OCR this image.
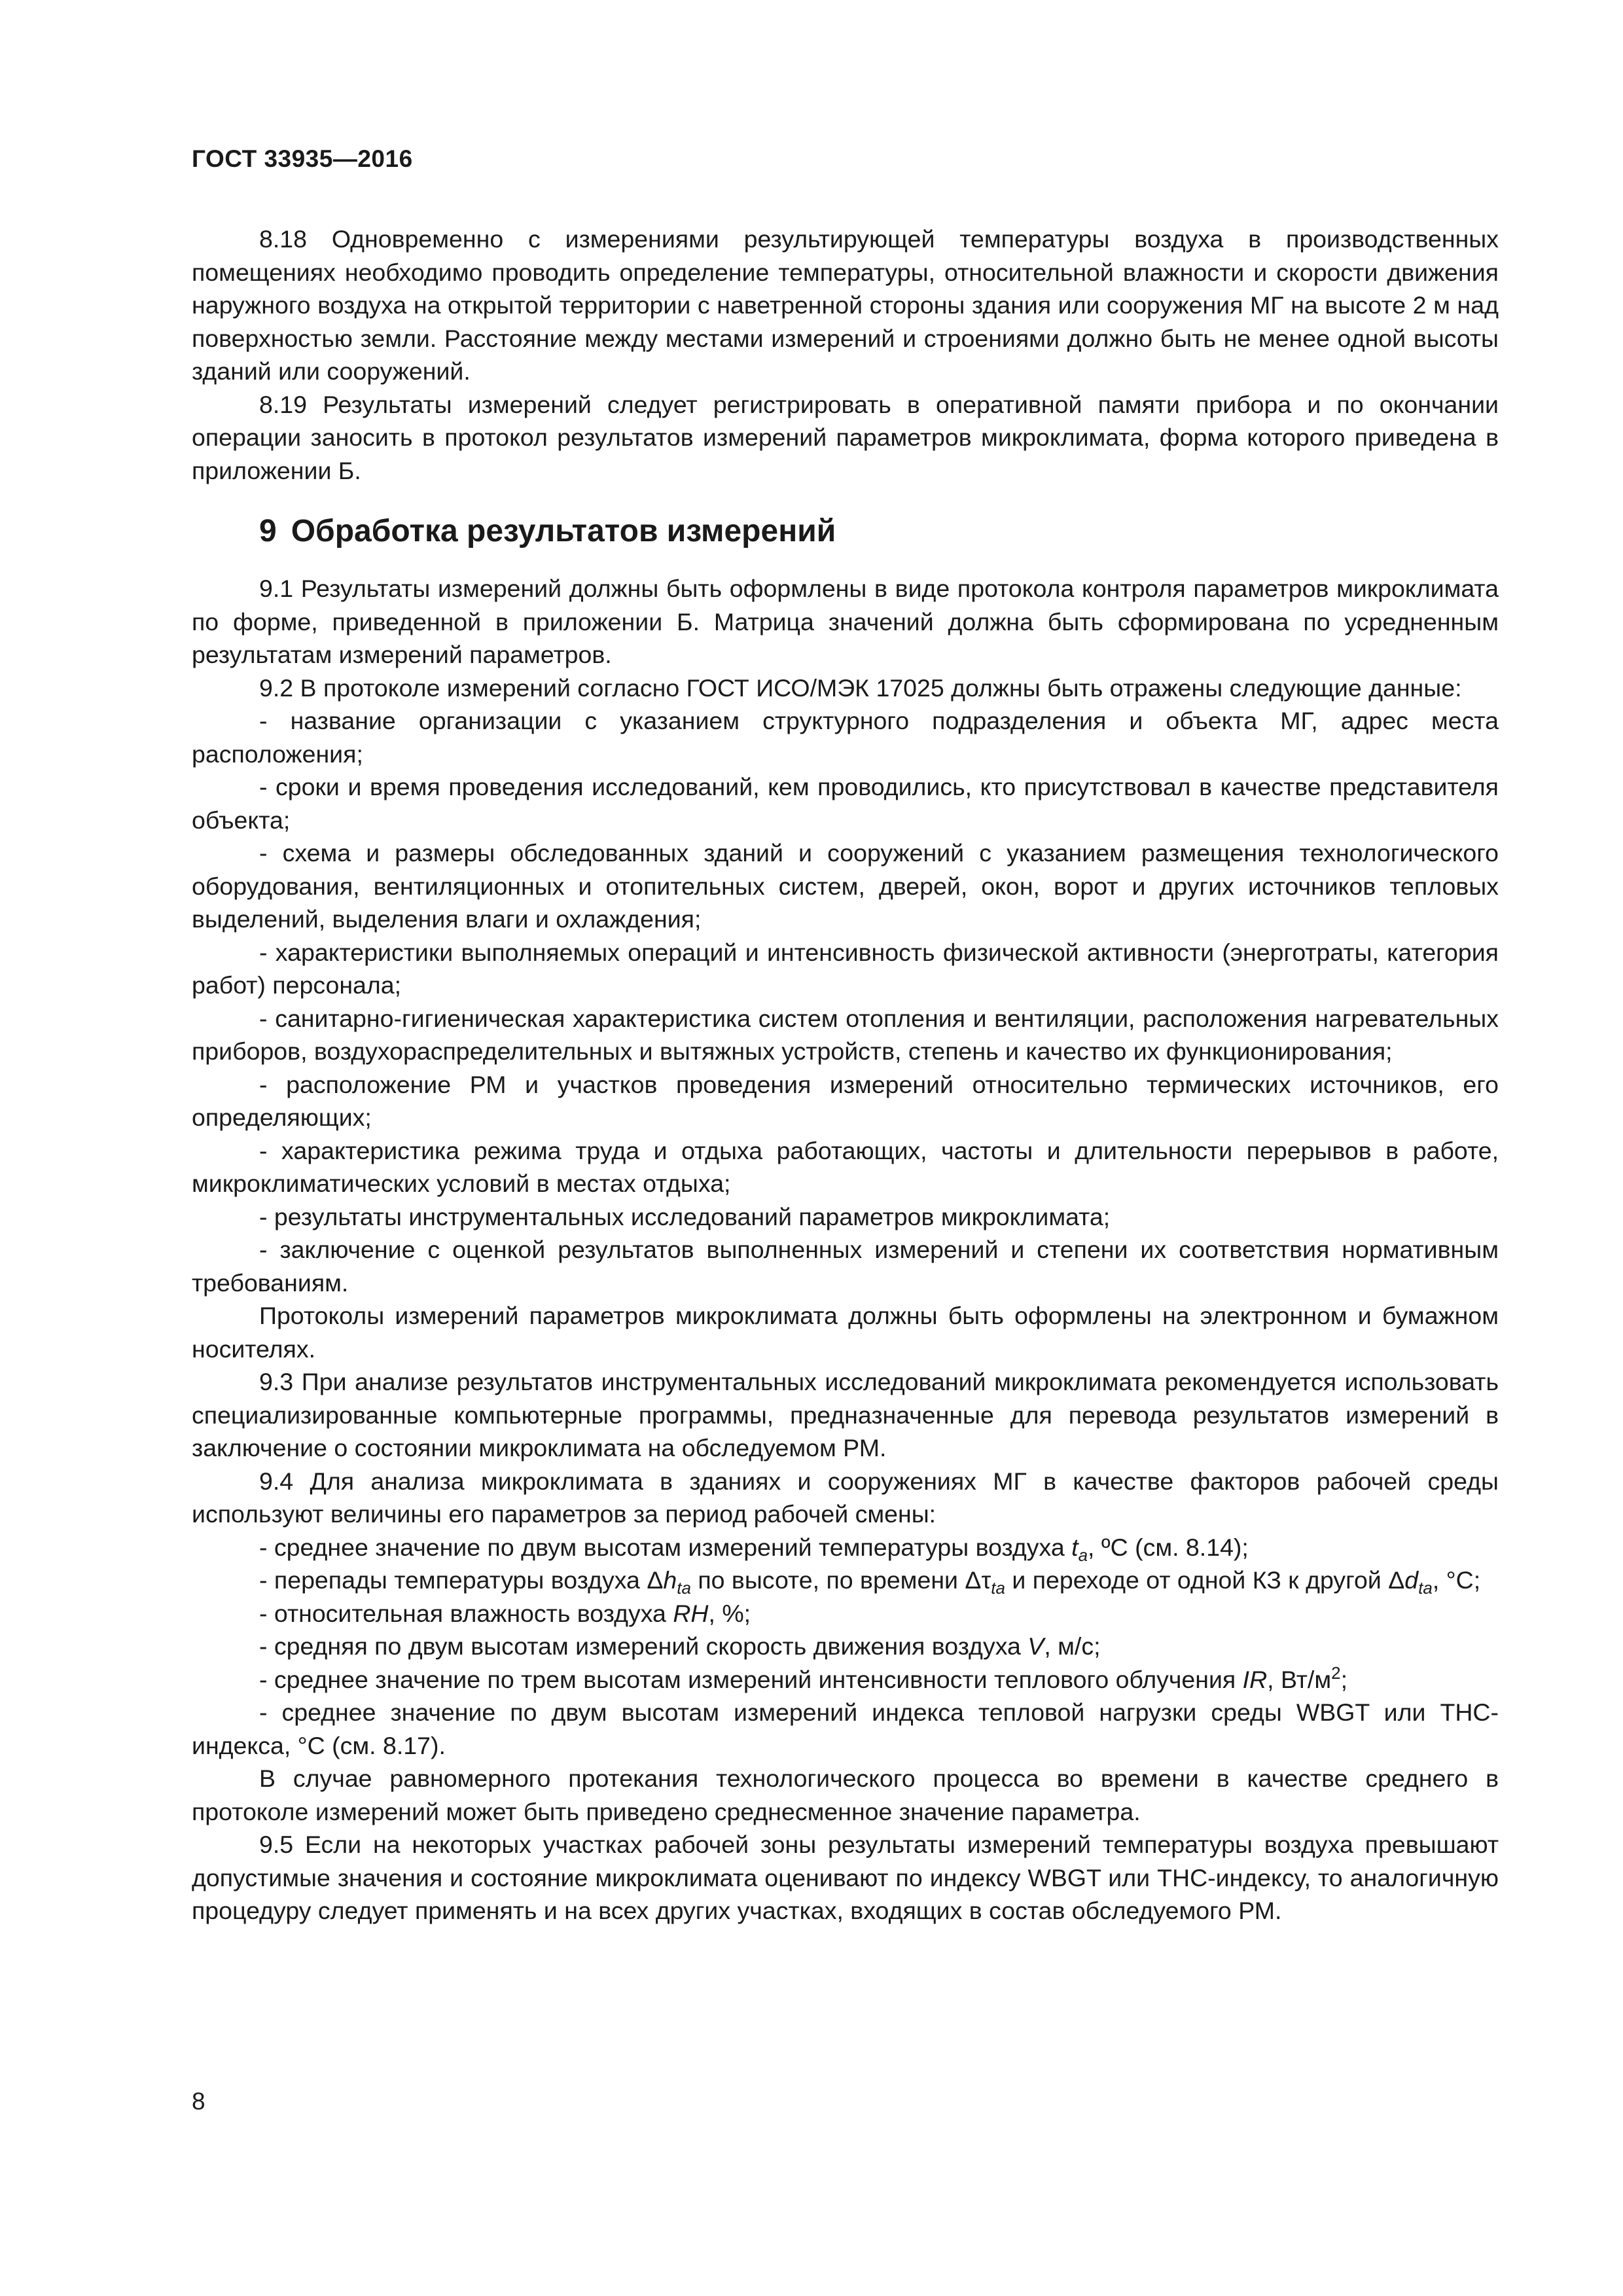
ГОСТ 33935—2016

8.18 Одновременно с измерениями результирующей температуры воздуха в производственных помещениях необходимо проводить определение температуры, относительной влажности и скорости движения наружного воздуха на открытой территории с наветренной стороны здания или сооружения МГ на высоте 2 м над поверхностью земли. Расстояние между местами измерений и строениями должно быть не менее одной высоты зданий или сооружений.

8.19 Результаты измерений следует регистрировать в оперативной памяти прибора и по окончании операции заносить в протокол результатов измерений параметров микроклимата, форма которого приведена в приложении Б.

9 Обработка результатов измерений

9.1 Результаты измерений должны быть оформлены в виде протокола контроля параметров микроклимата по форме, приведенной в приложении Б. Матрица значений должна быть сформирована по усредненным результатам измерений параметров.

9.2 В протоколе измерений согласно ГОСТ ИСО/МЭК 17025 должны быть отражены следующие данные:

- название организации с указанием структурного подразделения и объекта МГ, адрес места расположения;

- сроки и время проведения исследований, кем проводились, кто присутствовал в качестве представителя объекта;

- схема и размеры обследованных зданий и сооружений с указанием размещения технологического оборудования, вентиляционных и отопительных систем, дверей, окон, ворот и других источников тепловых выделений, выделения влаги и охлаждения;

- характеристики выполняемых операций и интенсивность физической активности (энерготраты, категория работ) персонала;

- санитарно-гигиеническая характеристика систем отопления и вентиляции, расположения нагревательных приборов, воздухораспределительных и вытяжных устройств, степень и качество их функционирования;

- расположение РМ и участков проведения измерений относительно термических источников, его определяющих;

- характеристика режима труда и отдыха работающих, частоты и длительности перерывов в работе, микроклиматических условий в местах отдыха;

- результаты инструментальных исследований параметров микроклимата;

- заключение с оценкой результатов выполненных измерений и степени их соответствия нормативным требованиям.

Протоколы измерений параметров микроклимата должны быть оформлены на электронном и бумажном носителях.

9.3 При анализе результатов инструментальных исследований микроклимата рекомендуется использовать специализированные компьютерные программы, предназначенные для перевода результатов измерений в заключение о состоянии микроклимата на обследуемом РМ.

9.4 Для анализа микроклимата в зданиях и сооружениях МГ в качестве факторов рабочей среды используют величины его параметров за период рабочей смены:

- среднее значение по двум высотам измерений температуры воздуха $t_a$, ºС (см. 8.14);

- перепады температуры воздуха $\Delta h_{ta}$ по высоте, по времени $\Delta\tau_{ta}$ и переходе от одной КЗ к другой $\Delta d_{ta}$, °С;

- относительная влажность воздуха RH, %;

- средняя по двум высотам измерений скорость движения воздуха V, м/с;

- среднее значение по трем высотам измерений интенсивности теплового облучения IR, $Вт/м^2$;

- среднее значение по двум высотам измерений индекса тепловой нагрузки среды WBGT или ТНС-индекса, °С (см. 8.17).

В случае равномерного протекания технологического процесса во времени в качестве среднего в протоколе измерений может быть приведено среднесменное значение параметра.

9.5 Если на некоторых участках рабочей зоны результаты измерений температуры воздуха превышают допустимые значения и состояние микроклимата оценивают по индексу WBGT или ТНС-индексу, то аналогичную процедуру следует применять и на всех других участках, входящих в состав обследуемого РМ.

8
